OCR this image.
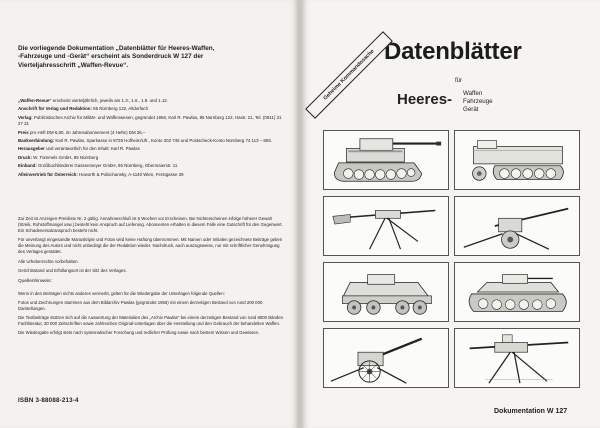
Die vorliegende Dokumentation „Datenblätter für Heeres-Waffen,
-Fahrzeuge und -Gerät“ erscheint als Sonderdruck W 127 der
Vierteljahresschrift „Waffen-Revue“.
„Waffen-Revue“ erscheint vierteljährlich, jeweils am 1.3., 1.6., 1.9. und 1.12.
Anschrift für Verlag und Redaktion: 85 Nürnberg 122, Altdorfach
Verlag: Publizistisches Archiv für Militär- und Waffenwesen, gegründet 1956, Karl R. Pawlas, 85 Nürnberg 122, Hastr. 21, Tel. (0911) 31 27 21
Preis pro Heft DM 6,80, im Jahresabonnement (4 Hefte) DM 26,–
Bankverbindung: Karl R. Pawlas, Sparkasse in 8729 Hofheim/Ufr., Konto 302 745 und Postscheck-Konto Nürnberg 74 113 – 855.
Herausgeber und verantwortlich für den Inhalt: Karl R. Pawlas
Druck: W. Tümmels GmbH, 85 Nürnberg
Einband: Großbuchbinderei Gassenmeyer GmbH, 85 Nürnberg, Obermaierstr. 11
Alleinvertrieb für Österreich: Howorth & Polischansky, A-1140 Wien, Ferstgasse 39

Zur Zeit ist Anzeigen-Preisliste Nr. 2 gültig. Annahmeschluß ist 6 Wochen vor Erscheinen. Bei Nichterscheinen infolge höherer Gewalt (Streik, Rohstoffmangel usw.) besteht kein Anspruch auf Lieferung. Abonnenten erhalten in diesem Falle eine Gutschrift für den Gegenwert. Ein Schadenersatzanspruch besteht nicht.

Für unverlangt eingesandte Manuskripte und Fotos wird keine Haftung übernommen. Mit Namen oder Initialen gezeichnete Beiträge geben die Meinung des Autors und nicht unbedingt die der Redaktion wieder. Nachdruck, auch auszugsweise, nur mit schriftlicher Genehmigung des Verlages gestattet.

Alle Urheberrechte vorbehalten.

Gerichtsstand und Erfüllungsort ist der Sitz des Verlages.

Quellenhinweis:

Wenn in den Beiträgen nichts anderes vermerkt, gelten für die Wiedergabe der Unterlagen folgende Quellen:

Fotos und Zeichnungen stammen aus dem Bildarchiv Pawlas (gegründet 1956) mit einem derzeitigen Bestand von rund 200 000 Darstellungen.

Die Textbeiträge stützen sich auf die Auswertung der Materialien des „Archiv Pawlas“ bei einem derzeitigen Bestand von rund 8000 Bänden Fachliteratur, 30 000 Zeitschriften sowie zahlreichen Original-Unterlagen über die Herstellung und den Gebrauch der behandelten Waffen.

Die Wiedergabe erfolgt stets nach systematischer Forschung und redlicher Prüfung sowie nach bestem Wissen und Gewissen.

ISBN 3-88088-213-4
Datenblätter
für
Heeres- Waffen
Fahrzeuge
Gerät
Geheime Kommandosache
Dokumentation W 127
